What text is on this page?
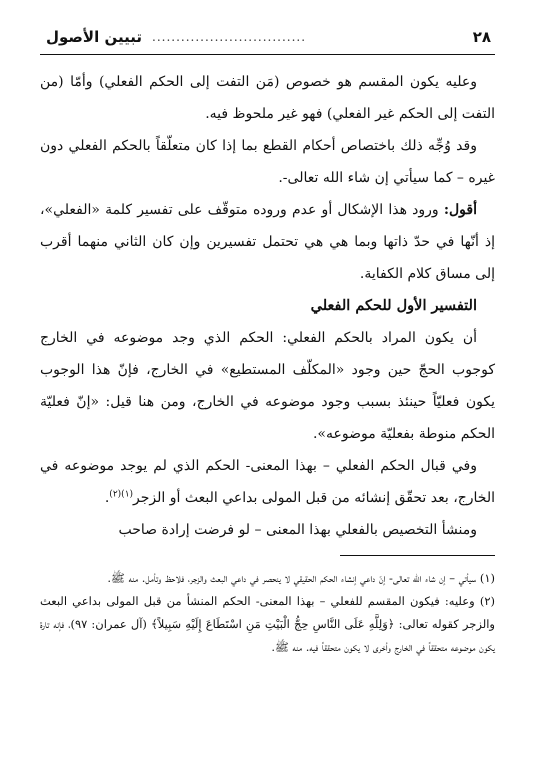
٢٨
................................
تبيين الأصول

وعليه يكون المقسم هو خصوص (مَن التفت إلى الحكم الفعلي) وأمّا (من التفت إلى الحكم غير الفعلي) فهو غير ملحوظ فيه.

وقد وُجِّه ذلك باختصاص أحكام القطع بما إذا كان متعلّقاً بالحكم الفعلي دون غيره – كما سيأتي إن شاء الله تعالى-.

أقول: ورود هذا الإشكال أو عدم وروده متوقّف على تفسير كلمة «الفعلي»، إذ أنّها في حدّ ذاتها وبما هي هي تحتمل تفسيرين وإن كان الثاني منهما أقرب إلى مساق كلام الكفاية.

التفسير الأول للحكم الفعلي

أن يكون المراد بالحكم الفعلي: الحكم الذي وجد موضوعه في الخارج كوجوب الحجّ حين وجود «المكلّف المستطيع» في الخارج، فإنّ هذا الوجوب يكون فعليّاً حينئذ بسبب وجود موضوعه في الخارج، ومن هنا قيل: «إنّ فعليّة الحكم منوطة بفعليّة موضوعه».

وفي قبال الحكم الفعلي – بهذا المعنى- الحكم الذي لم يوجد موضوعه في الخارج، بعد تحقّق إنشائه من قبل المولى بداعي البعث أو الزجر$^{(١)(٢)}$.

ومنشأ التخصيص بالفعلي بهذا المعنى – لو فرضت إرادة صاحب

(١) سيأتي – إن شاء الله تعالى- إنّ داعي إنشاء الحكم الحقيقي لا ينحصر في داعي البعث والزجر، فلاحظ وتأمل. منه ﷺ.

(٢) وعليه: فيكون المقسم للفعلي – بهذا المعنى- الحكم المنشأ من قبل المولى بداعي البعث والزجر كقوله تعالى: ﴿وَلِلَّهِ عَلَى النَّاسِ حِجُّ الْبَيْتِ مَنِ اسْتَطَاعَ إِلَيْهِ سَبِيلاً﴾ (آل عمران: ٩٧)، فإنه تارة يكون موضوعه متحققاً في الخارج وأخرى لا يكون متحققاً فيه. منه ﷺ.
